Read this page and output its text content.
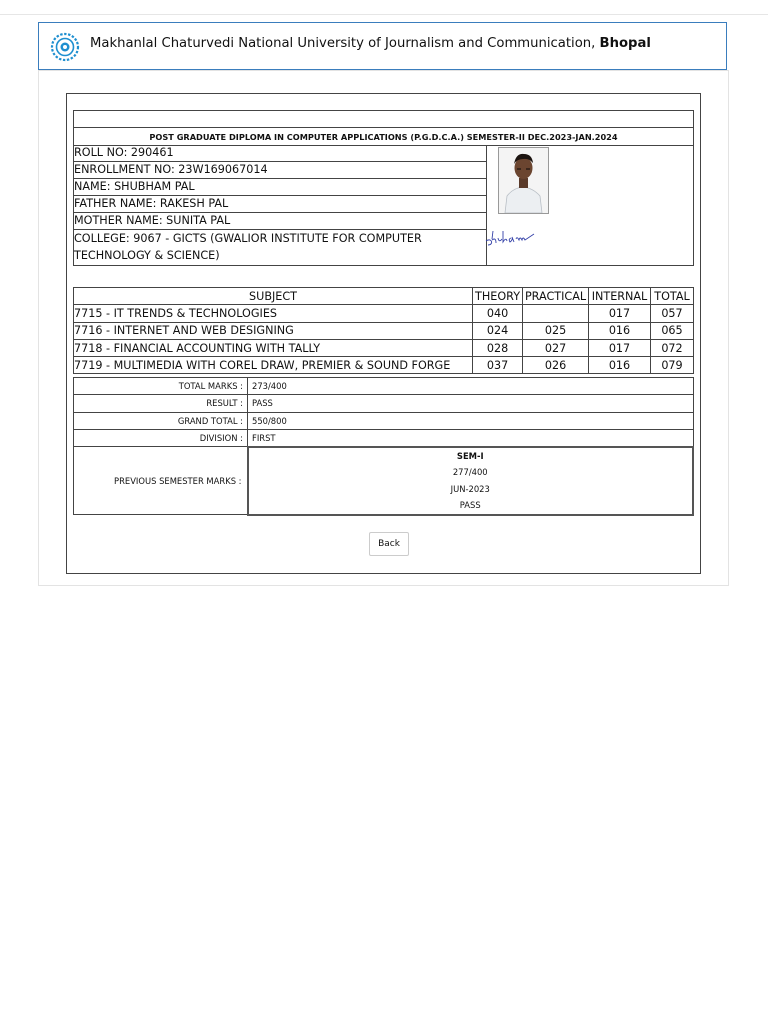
Makhanlal Chaturvedi National University of Journalism and Communication, Bhopal

POST GRADUATE DIPLOMA IN COMPUTER APPLICATIONS (P.G.D.C.A.) SEMESTER-II DEC.2023-JAN.2024
ROLL NO: 290461
ENROLLMENT NO: 23W169067014
NAME: SHUBHAM PAL
FATHER NAME: RAKESH PAL
MOTHER NAME: SUNITA PAL
COLLEGE: 9067 - GICTS (GWALIOR INSTITUTE FOR COMPUTER TECHNOLOGY & SCIENCE)
SUBJECT	THEORY	PRACTICAL	INTERNAL	TOTAL
7715 - IT TRENDS & TECHNOLOGIES	040		017	057
7716 - INTERNET AND WEB DESIGNING	024	025	016	065
7718 - FINANCIAL ACCOUNTING WITH TALLY	028	027	017	072
7719 - MULTIMEDIA WITH COREL DRAW, PREMIER & SOUND FORGE	037	026	016	079
TOTAL MARKS :	273/400
RESULT :	PASS
GRAND TOTAL :	550/800
DIVISION :	FIRST
PREVIOUS SEMESTER MARKS :	SEM-I
277/400
JUN-2023
PASS
Back
